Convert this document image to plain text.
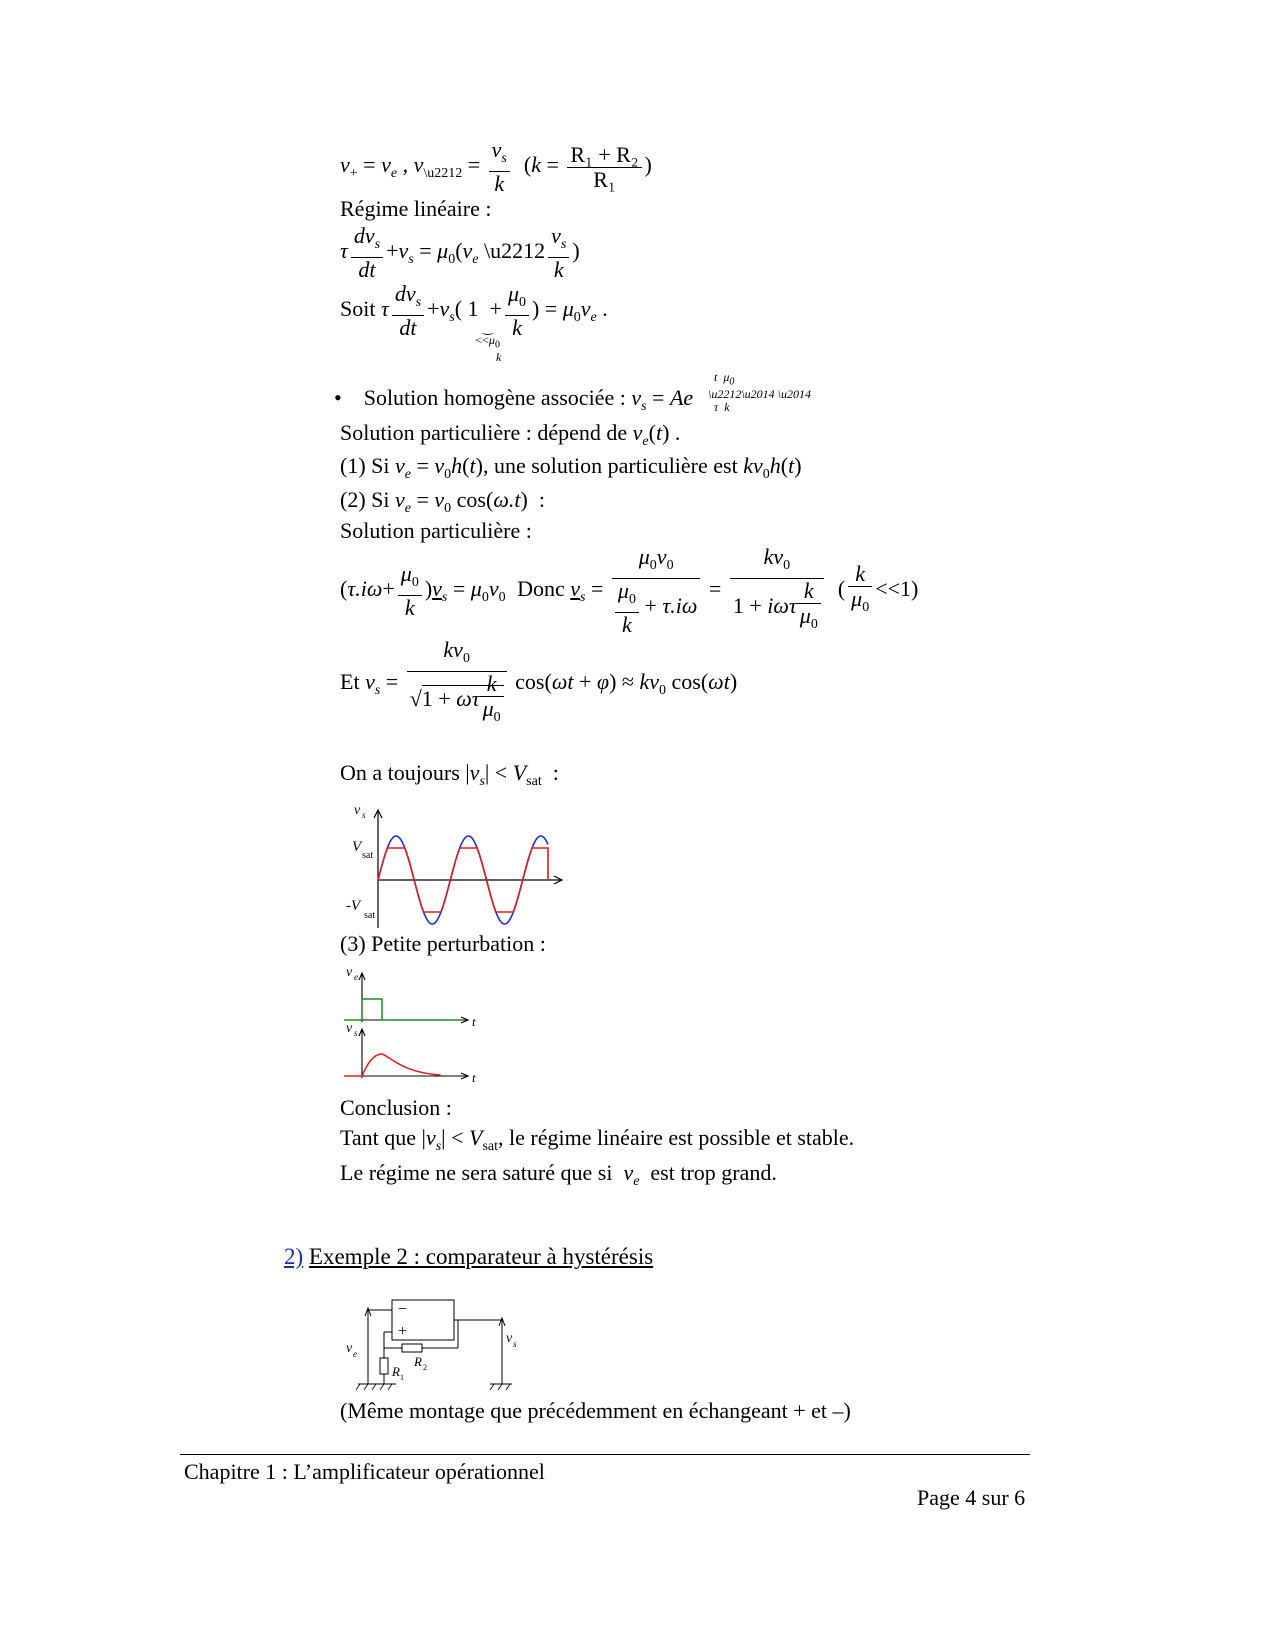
$v_+ = v_e$ , $v_{\backslash u2212} = \frac{v_s}{k} (k = \frac{\text{R₁ + R₂}}{\text{R₁}}$ )
Régime linéaire :
τ $\frac{dv_s}{dt} +v_s = \mu_0(v_e$ \u2212 $\frac{v_s}{k}$ )
Soit τ $\frac{dv_s}{dt} +v_s$( $1 + \frac{\mu_0}{k}$ ) = $\mu_0v_e$ .
‿
$<<\mu_0$
k
• Solution homogène associée : $v_s = Ae$
t  $\mu_0$
\u2212\u2014 \u2014
τ  k
Solution particulière : dépend de $v_e(t)$ .
(1) Si $v_e = v_0h(t)$, une solution particulière est $kv_0h(t)$
(2) Si $v_e = v_0$ cos(ω.t)  :
Solution particulière :
$(\tau.i\omega+ \frac{\mu_0}{k} )v_s = \mu_0v_0$ Donc $v_s = \frac{\mu_0v_0}{\frac{\mu_0}{k} + \tau.i\omega} = \frac{kv_0}{1 + i\omega\tau \frac{k}{\mu_0}}$ ( $\frac{k}{\mu_0} <<1$)
Et $v_s = \frac{kv_0}{√1 + \omega\tau \frac{k}{\mu_0}} \cos(\omega t + \varphi) \approx kv_0$ cos(ωt)
On a toujours $|v_s| < V_{sat}$ :
v s
V
sat
-V
sat
(3) Petite perturbation :
v e
t
v s
t
Conclusion :
Tant que $|v_s| < V_{sat}$, le régime linéaire est possible et stable.
Le régime ne sera saturé que si $v_e$ est trop grand.
2) Exemple 2 : comparateur à hystérésis
−
+
v e
v s
R 1
R 2
(Même montage que précédemment en échangeant + et –)
Chapitre 1 : L’amplificateur opérationnel
Page 4 sur 6
